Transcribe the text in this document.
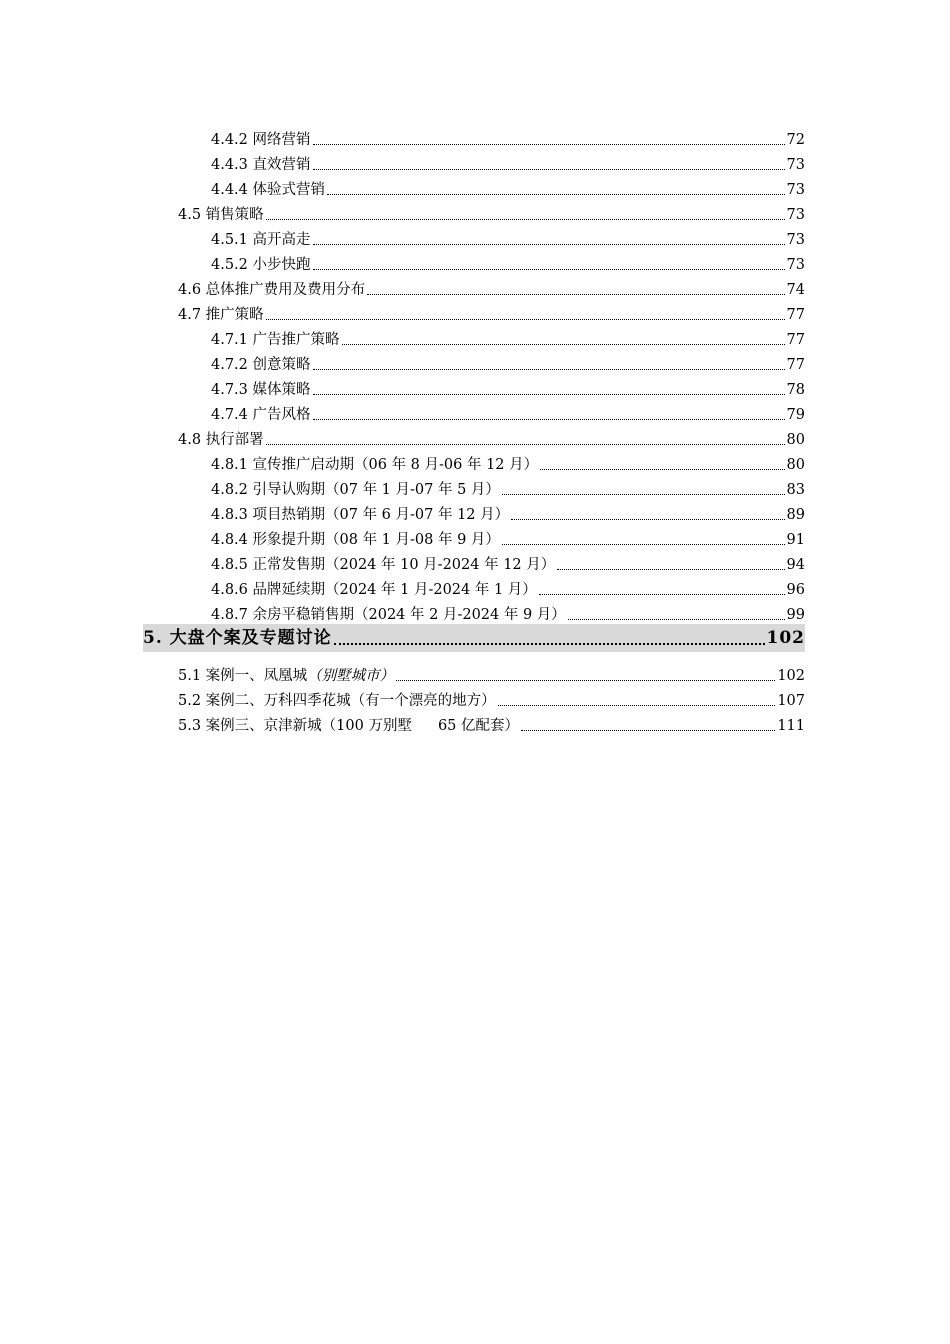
4.4.2 网络营销	72
4.4.3 直效营销	73
4.4.4 体验式营销	73
4.5 销售策略	73
4.5.1 高开高走	73
4.5.2 小步快跑	73
4.6 总体推广费用及费用分布	74
4.7 推广策略	77
4.7.1 广告推广策略	77
4.7.2 创意策略	77
4.7.3 媒体策略	78
4.7.4 广告风格	79
4.8 执行部署	80
4.8.1 宣传推广启动期（06 年 8 月-06 年 12 月）	80
4.8.2 引导认购期（07 年 1 月-07 年 5 月）	83
4.8.3 项目热销期（07 年 6 月-07 年 12 月）	89
4.8.4 形象提升期（08 年 1 月-08 年 9 月）	91
4.8.5 正常发售期（2024 年 10 月-2024 年 12 月）	94
4.8.6 品牌延续期（2024 年 1 月-2024 年 1 月）	96
4.8.7 余房平稳销售期（2024 年 2 月-2024 年 9 月）	99
5. 大盘个案及专题讨论	102
5.1 案例一、凤凰城（别墅城市）	102
5.2 案例二、万科四季花城（有一个漂亮的地方）	107
5.3 案例三、京津新城（100 万别墅 65 亿配套）	111
